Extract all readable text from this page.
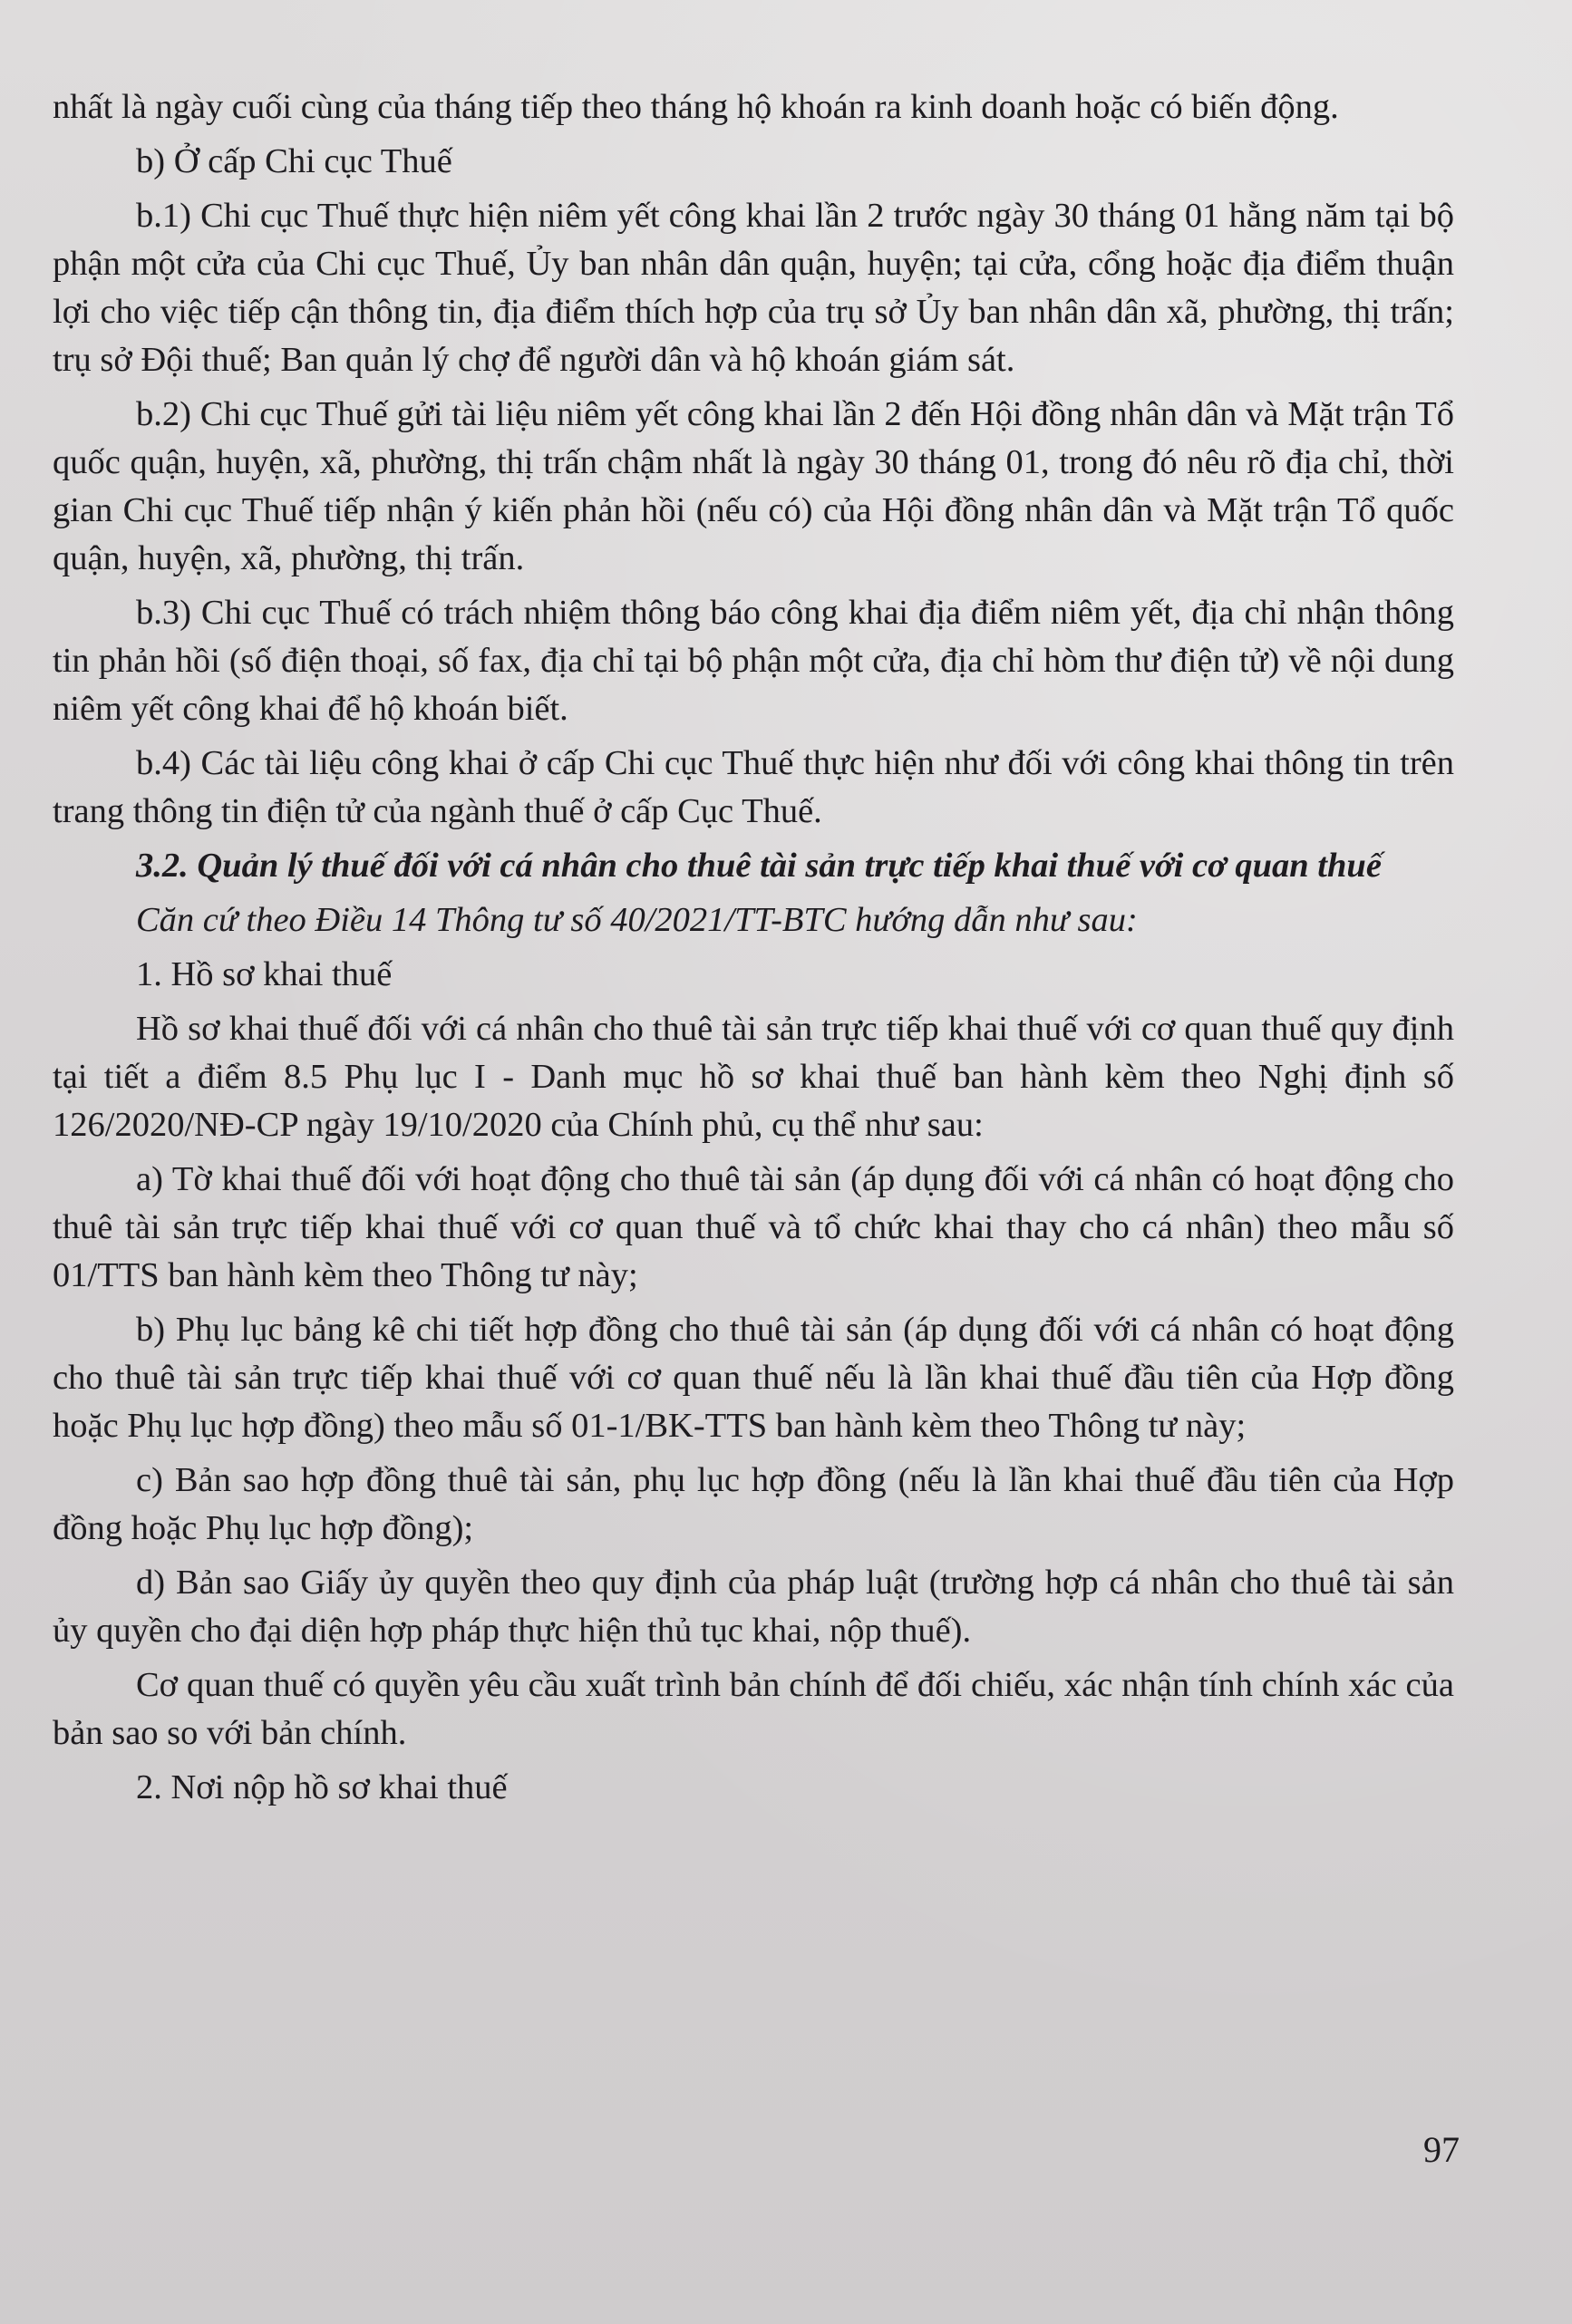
nhất là ngày cuối cùng của tháng tiếp theo tháng hộ khoán ra kinh doanh hoặc có biến động.

b) Ở cấp Chi cục Thuế

b.1) Chi cục Thuế thực hiện niêm yết công khai lần 2 trước ngày 30 tháng 01 hằng năm tại bộ phận một cửa của Chi cục Thuế, Ủy ban nhân dân quận, huyện; tại cửa, cổng hoặc địa điểm thuận lợi cho việc tiếp cận thông tin, địa điểm thích hợp của trụ sở Ủy ban nhân dân xã, phường, thị trấn; trụ sở Đội thuế; Ban quản lý chợ để người dân và hộ khoán giám sát.

b.2) Chi cục Thuế gửi tài liệu niêm yết công khai lần 2 đến Hội đồng nhân dân và Mặt trận Tổ quốc quận, huyện, xã, phường, thị trấn chậm nhất là ngày 30 tháng 01, trong đó nêu rõ địa chỉ, thời gian Chi cục Thuế tiếp nhận ý kiến phản hồi (nếu có) của Hội đồng nhân dân và Mặt trận Tổ quốc quận, huyện, xã, phường, thị trấn.

b.3) Chi cục Thuế có trách nhiệm thông báo công khai địa điểm niêm yết, địa chỉ nhận thông tin phản hồi (số điện thoại, số fax, địa chỉ tại bộ phận một cửa, địa chỉ hòm thư điện tử) về nội dung niêm yết công khai để hộ khoán biết.

b.4) Các tài liệu công khai ở cấp Chi cục Thuế thực hiện như đối với công khai thông tin trên trang thông tin điện tử của ngành thuế ở cấp Cục Thuế.

3.2. Quản lý thuế đối với cá nhân cho thuê tài sản trực tiếp khai thuế với cơ quan thuế

Căn cứ theo Điều 14 Thông tư số 40/2021/TT-BTC hướng dẫn như sau:

1. Hồ sơ khai thuế

Hồ sơ khai thuế đối với cá nhân cho thuê tài sản trực tiếp khai thuế với cơ quan thuế quy định tại tiết a điểm 8.5 Phụ lục I - Danh mục hồ sơ khai thuế ban hành kèm theo Nghị định số 126/2020/NĐ-CP ngày 19/10/2020 của Chính phủ, cụ thể như sau:

a) Tờ khai thuế đối với hoạt động cho thuê tài sản (áp dụng đối với cá nhân có hoạt động cho thuê tài sản trực tiếp khai thuế với cơ quan thuế và tổ chức khai thay cho cá nhân) theo mẫu số 01/TTS ban hành kèm theo Thông tư này;

b) Phụ lục bảng kê chi tiết hợp đồng cho thuê tài sản (áp dụng đối với cá nhân có hoạt động cho thuê tài sản trực tiếp khai thuế với cơ quan thuế nếu là lần khai thuế đầu tiên của Hợp đồng hoặc Phụ lục hợp đồng) theo mẫu số 01-1/BK-TTS ban hành kèm theo Thông tư này;

c) Bản sao hợp đồng thuê tài sản, phụ lục hợp đồng (nếu là lần khai thuế đầu tiên của Hợp đồng hoặc Phụ lục hợp đồng);

d) Bản sao Giấy ủy quyền theo quy định của pháp luật (trường hợp cá nhân cho thuê tài sản ủy quyền cho đại diện hợp pháp thực hiện thủ tục khai, nộp thuế).

Cơ quan thuế có quyền yêu cầu xuất trình bản chính để đối chiếu, xác nhận tính chính xác của bản sao so với bản chính.

2. Nơi nộp hồ sơ khai thuế

97
